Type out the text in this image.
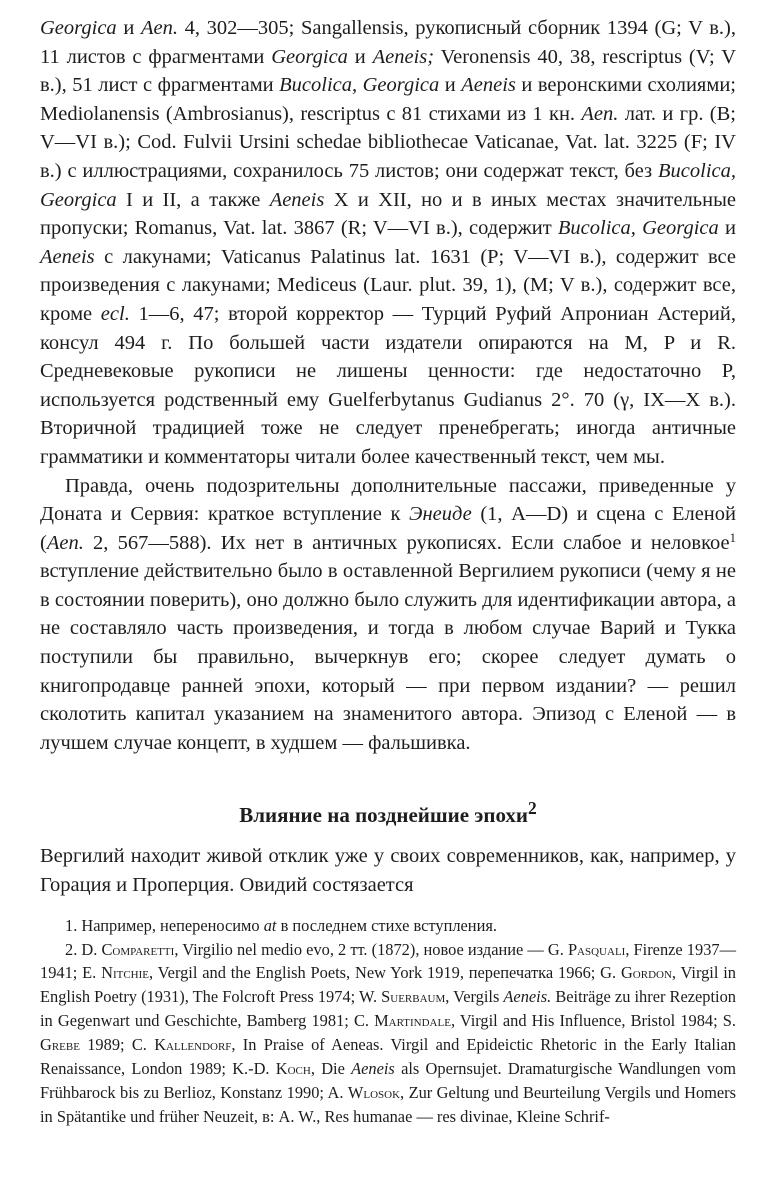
Georgica и Aen. 4, 302—305; Sangallensis, рукописный сборник 1394 (G; V в.), 11 листов с фрагментами Georgica и Aeneis; Veronensis 40, 38, rescriptus (V; V в.), 51 лист с фрагментами Bucolica, Georgica и Aeneis и веронскими схолиями; Mediolanensis (Ambrosianus), rescriptus с 81 стихами из 1 кн. Aen. лат. и гр. (B; V—VI в.); Cod. Fulvii Ursini schedae bibliothecae Vaticanae, Vat. lat. 3225 (F; IV в.) с иллюстрациями, сохранилось 75 листов; они содержат текст, без Bucolica, Georgica I и II, а также Aeneis X и XII, но и в иных местах значительные пропуски; Romanus, Vat. lat. 3867 (R; V—VI в.), содержит Bucolica, Georgica и Aeneis с лакунами; Vaticanus Palatinus lat. 1631 (P; V—VI в.), содержит все произведения с лакунами; Mediceus (Laur. plut. 39, 1), (M; V в.), содержит все, кроме ecl. 1—6, 47; второй корректор — Турций Руфий Апрониан Астерий, консул 494 г. По большей части издатели опираются на M, P и R. Средневековые рукописи не лишены ценности: где недостаточно P, используется родственный ему Guelferbytanus Gudianus 2°. 70 (γ, IX—X в.). Вторичной традицией тоже не следует пренебрегать; иногда античные грамматики и комментаторы читали более качественный текст, чем мы.

Правда, очень подозрительны дополнительные пассажи, приведенные у Доната и Сервия: краткое вступление к Энеиде (1, A—D) и сцена с Еленой (Aen. 2, 567—588). Их нет в античных рукописях. Если слабое и неловкое$^1$ вступление действительно было в оставленной Вергилием рукописи (чему я не в состоянии поверить), оно должно было служить для идентификации автора, а не составляло часть произведения, и тогда в любом случае Варий и Тукка поступили бы правильно, вычеркнув его; скорее следует думать о книгопродавце ранней эпохи, который — при первом издании? — решил сколотить капитал указанием на знаменитого автора. Эпизод с Еленой — в лучшем случае концепт, в худшем — фальшивка.

Влияние на позднейшие эпохи$^2$

Вергилий находит живой отклик уже у своих современников, как, например, у Горация и Проперция. Овидий состязается

1. Например, непереносимо at в последнем стихе вступления.

2. D. Comparetti, Virgilio nel medio evo, 2 тт. (1872), новое издание — G. Pasquali, Firenze 1937—1941; E. Nitchie, Vergil and the English Poets, New York 1919, перепечатка 1966; G. Gordon, Virgil in English Poetry (1931), The Folcroft Press 1974; W. Suerbaum, Vergils Aeneis. Beiträge zu ihrer Rezeption in Gegenwart und Geschichte, Bamberg 1981; C. Martindale, Virgil and His Influence, Bristol 1984; S. Grebe 1989; C. Kallendorf, In Praise of Aeneas. Virgil and Epideictic Rhetoric in the Early Italian Renaissance, London 1989; K.-D. Koch, Die Aeneis als Opernsujet. Dramaturgische Wandlungen vom Frühbarock bis zu Berlioz, Konstanz 1990; A. Wlosok, Zur Geltung und Beurteilung Vergils und Homers in Spätantike und früher Neuzeit, в: A. W., Res humanae — res divinae, Kleine Schrif-
